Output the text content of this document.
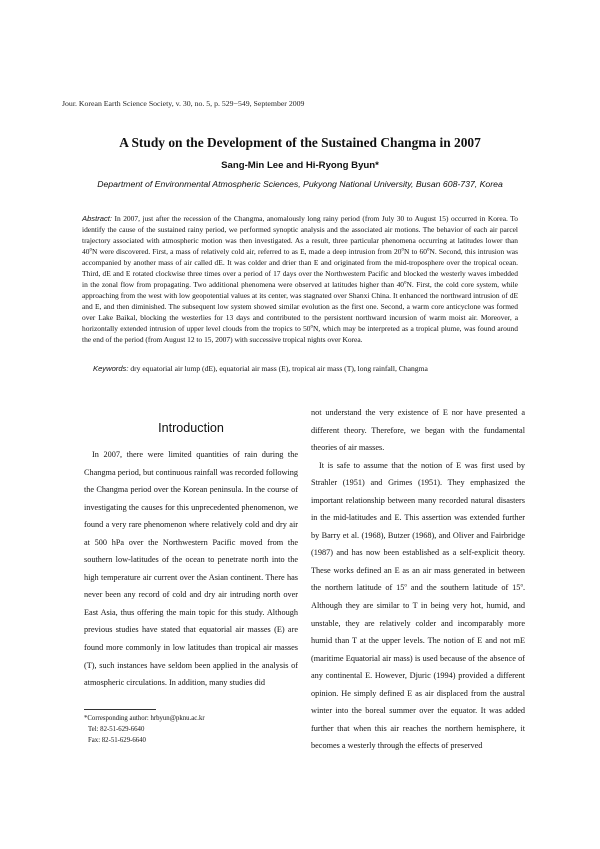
Jour. Korean Earth Science Society, v. 30, no. 5, p. 529−549, September 2009
A Study on the Development of the Sustained Changma in 2007
Sang-Min Lee and Hi-Ryong Byun*
Department of Environmental Atmospheric Sciences, Pukyong National University, Busan 608-737, Korea
Abstract: In 2007, just after the recession of the Changma, anomalously long rainy period (from July 30 to August 15) occurred in Korea. To identify the cause of the sustained rainy period, we performed synoptic analysis and the associated air motions. The behavior of each air parcel trajectory associated with atmospheric motion was then investigated. As a result, three particular phenomena occurring at latitudes lower than 40$^o$N were discovered. First, a mass of relatively cold air, referred to as E, made a deep intrusion from 20$^o$N to 60$^o$N. Second, this intrusion was accompanied by another mass of air called dE. It was colder and drier than E and originated from the mid-troposphere over the tropical ocean. Third, dE and E rotated clockwise three times over a period of 17 days over the Northwestern Pacific and blocked the westerly waves imbedded in the zonal flow from propagating. Two additional phenomena were observed at latitudes higher than 40$^o$N. First, the cold core system, while approaching from the west with low geopotential values at its center, was stagnated over Shanxi China. It enhanced the northward intrusion of dE and E, and then diminished. The subsequent low system showed similar evolution as the first one. Second, a warm core anticyclone was formed over Lake Baikal, blocking the westerlies for 13 days and contributed to the persistent northward incursion of warm moist air. Moreover, a horizontally extended intrusion of upper level clouds from the tropics to 50$^o$N, which may be interpreted as a tropical plume, was found around the end of the period (from August 12 to 15, 2007) with successive tropical nights over Korea.
Keywords: dry equatorial air lump (dE), equatorial air mass (E), tropical air mass (T), long rainfall, Changma
Introduction

In 2007, there were limited quantities of rain during the Changma period, but continuous rainfall was recorded following the Changma period over the Korean peninsula. In the course of investigating the causes for this unprecedented phenomenon, we found a very rare phenomenon where relatively cold and dry air at 500 hPa over the Northwestern Pacific moved from the southern low-latitudes of the ocean to penetrate north into the high temperature air current over the Asian continent. There has never been any record of cold and dry air intruding north over East Asia, thus offering the main topic for this study. Although previous studies have stated that equatorial air masses (E) are found more commonly in low latitudes than tropical air masses (T), such instances have seldom been applied in the analysis of atmospheric circulations. In addition, many studies did

not understand the very existence of E nor have presented a different theory. Therefore, we began with the fundamental theories of air masses.

It is safe to assume that the notion of E was first used by Strahler (1951) and Grimes (1951). They emphasized the important relationship between many recorded natural disasters in the mid-latitudes and E. This assertion was extended further by Barry et al. (1968), Butzer (1968), and Oliver and Fairbridge (1987) and has now been established as a self-explicit theory. These works defined an E as an air mass generated in between the northern latitude of 15$^o$ and the southern latitude of 15$^o$. Although they are similar to T in being very hot, humid, and unstable, they are relatively colder and incomparably more humid than T at the upper levels. The notion of E and not mE (maritime Equatorial air mass) is used because of the absence of any continental E. However, Djuric (1994) provided a different opinion. He simply defined E as air displaced from the austral winter into the boreal summer over the equator. It was added further that when this air reaches the northern hemisphere, it becomes a westerly through the effects of preserved

*Corresponding author: hrbyun@pknu.ac.kr
Tel: 82-51-629-6640
Fax: 82-51-629-6640
